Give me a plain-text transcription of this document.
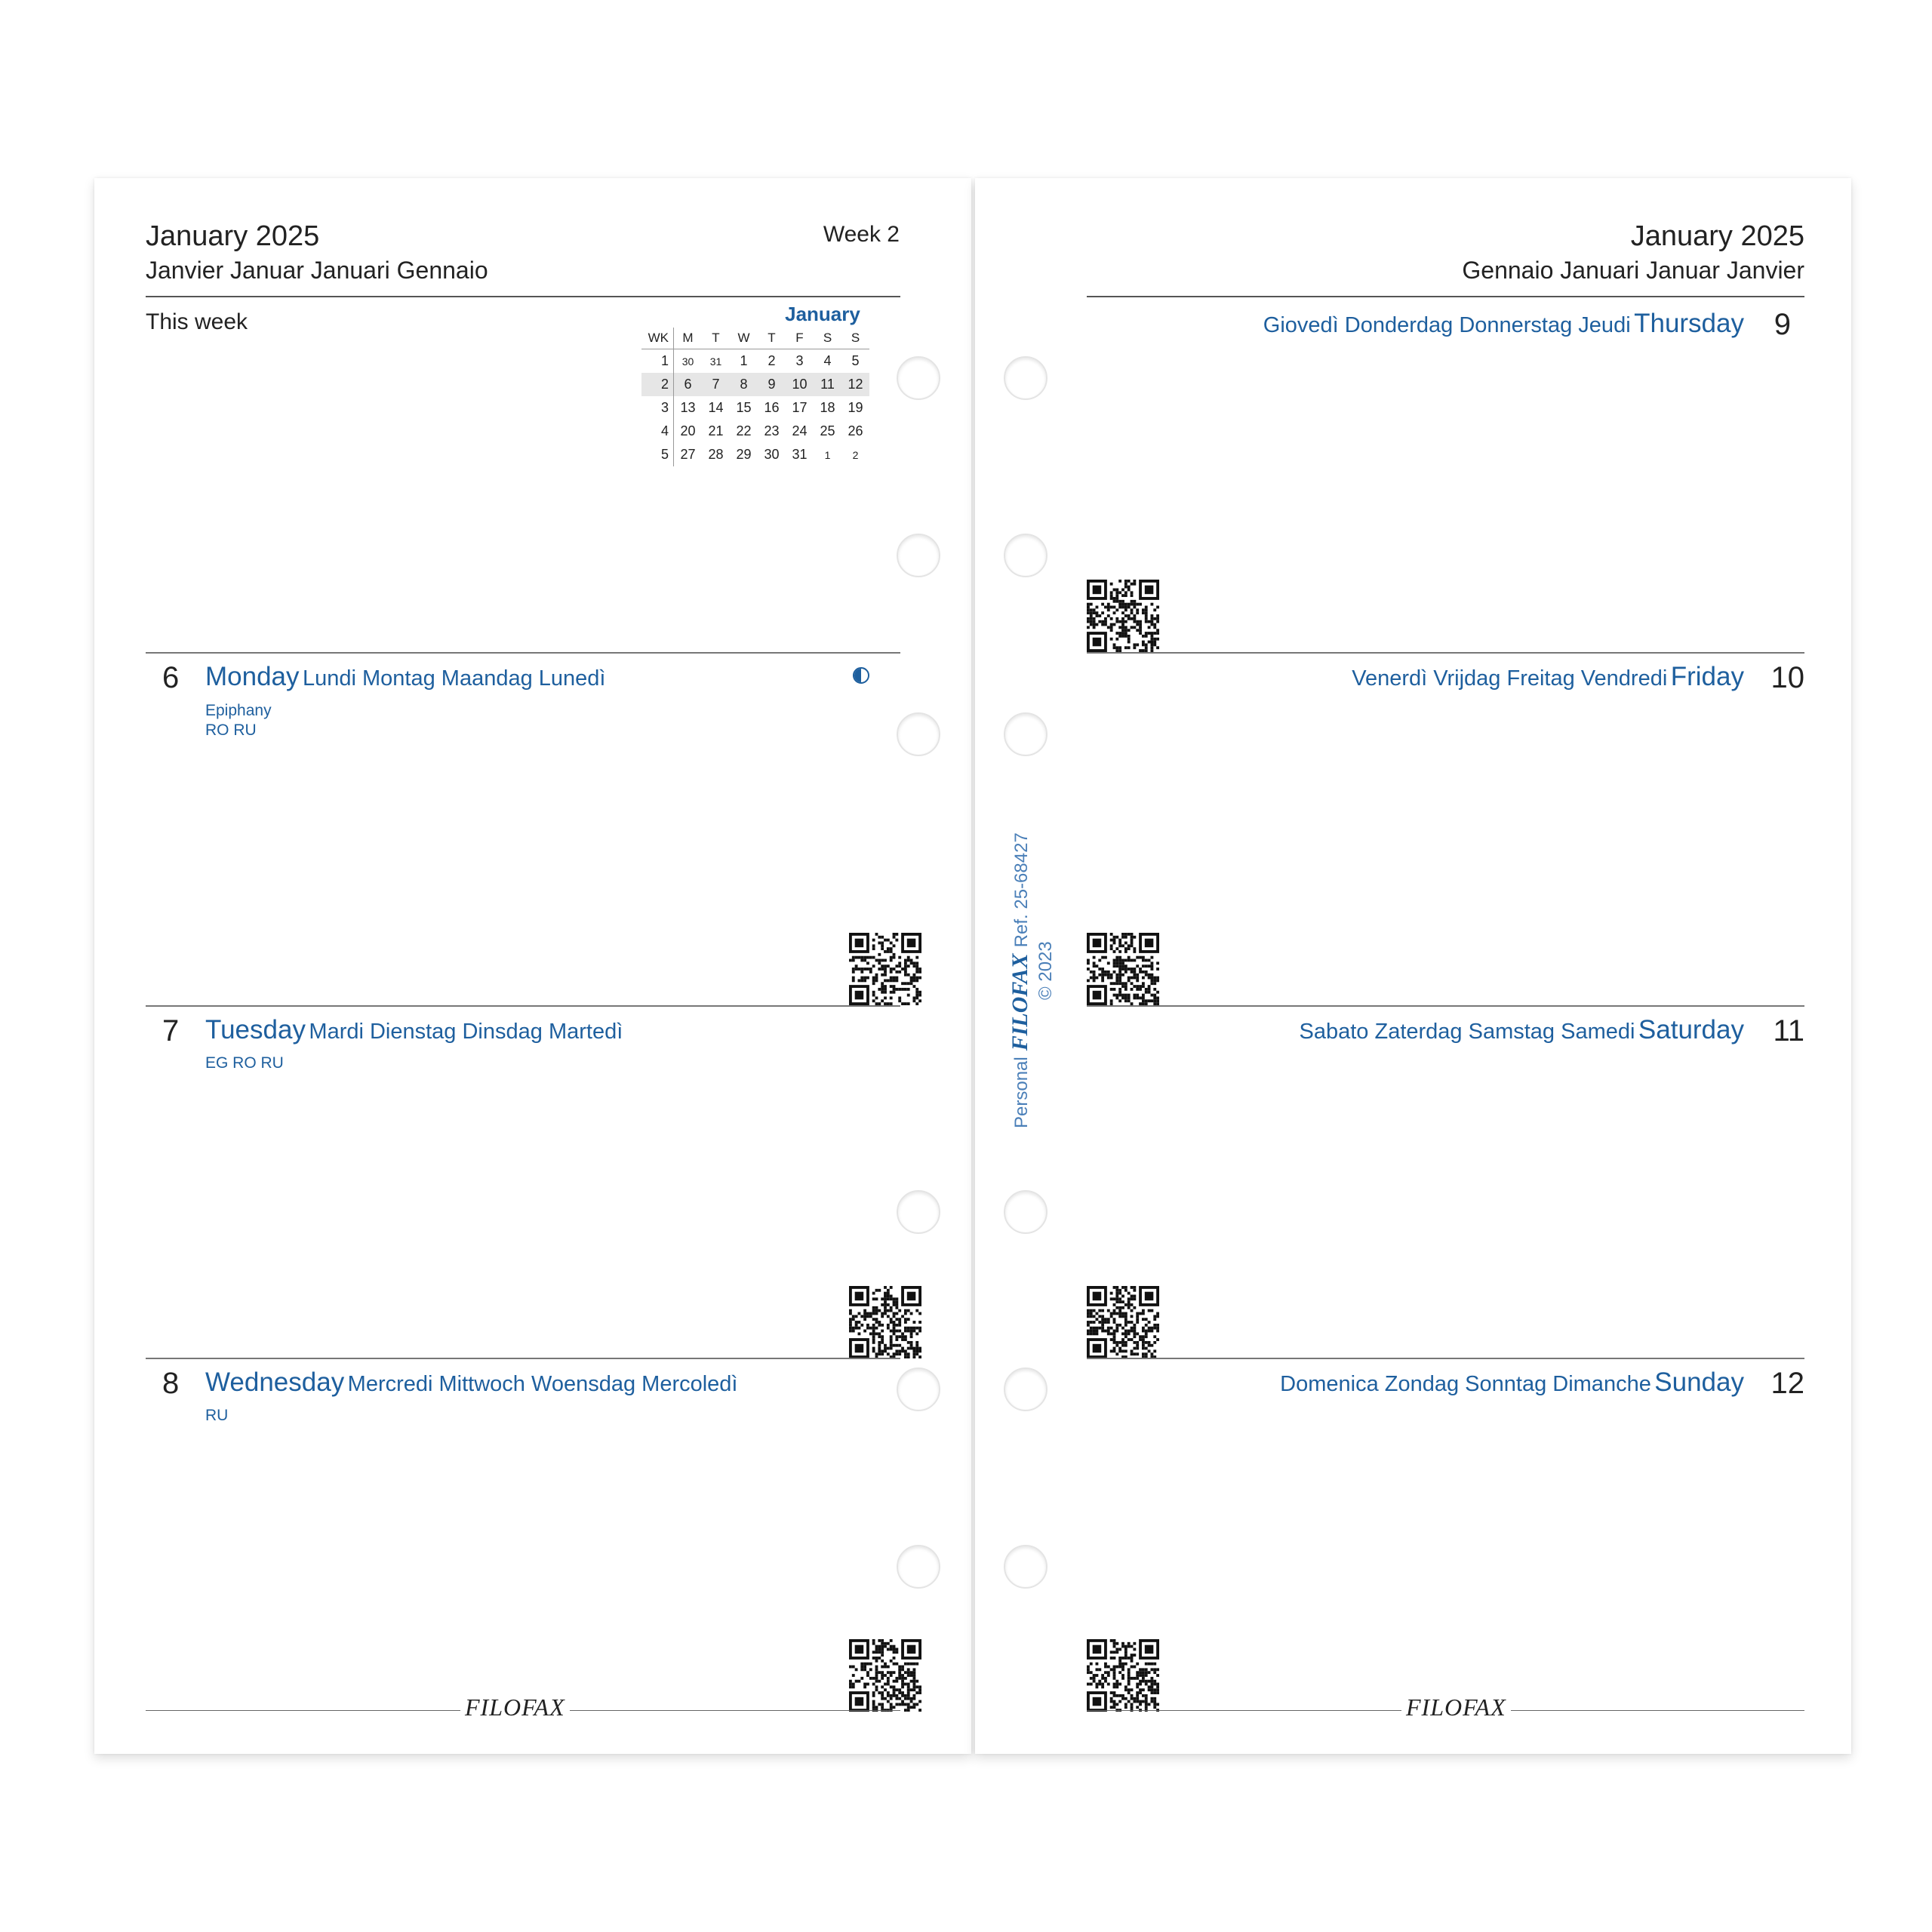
January 2025
Janvier Januar Januari Gennaio
Week 2
This week	January
WK	M	T	W	T	F	S	S
1	30	31	1	2	3	4	5
2	6	7	8	9	10	11	12
3	13	14	15	16	17	18	19
4	20	21	22	23	24	25	26
5	27	28	29	30	31	1	2
6 Monday Lundi Montag Maandag Lunedì
Epiphany
RO RU
7 Tuesday Mardi Dienstag Dinsdag Martedì
EG RO RU
8 Wednesday Mercredi Mittwoch Woensdag Mercoledì
RU
FILOFAX
January 2025
Gennaio Januari Januar Janvier
Giovedì Donderdag Donnerstag Jeudi Thursday 9
Venerdì Vrijdag Freitag Vendredi Friday 10
Sabato Zaterdag Samstag Samedi Saturday 11
Domenica Zondag Sonntag Dimanche Sunday 12
FILOFAX
PersonalFILOFAXRef. 25-68427
© 2023
